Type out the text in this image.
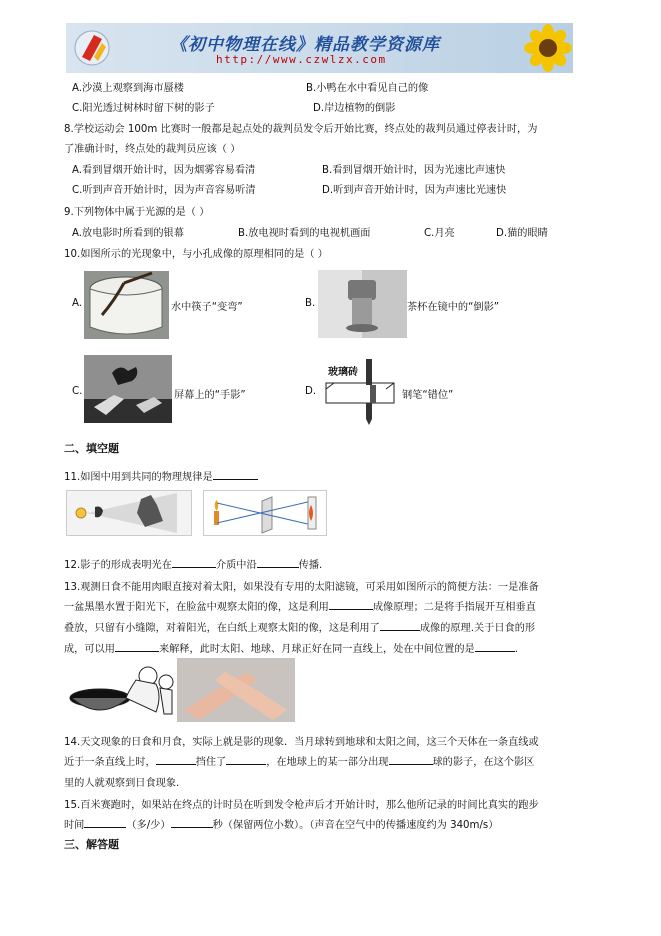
《初中物理在线》精品教学资源库
http://www.czwlzx.com
A.沙漠上观察到海市蜃楼	B.小鸭在水中看见自己的像
C.阳光透过树林时留下树的影子	D.岸边植物的倒影
8.学校运动会 100m 比赛时一般都是起点处的裁判员发令后开始比赛，终点处的裁判员通过停表计时，为
了准确计时，终点处的裁判员应该（ ）
A.看到冒烟开始计时，因为烟雾容易看清	B.看到冒烟开始计时，因为光速比声速快
C.听到声音开始计时，因为声音容易听清	D.听到声音开始计时，因为声速比光速快
9.下列物体中属于光源的是（ ）
A.放电影时所看到的银幕	B.放电视时看到的电视机画面	C.月亮	D.猫的眼睛
10.如图所示的光现象中，与小孔成像的原理相同的是（ ）
A.	水中筷子“变弯”	B.	茶杯在镜中的“倒影”
C.	屏幕上的“手影”	D.
玻璃砖
钢笔“错位”
二、填空题
11.如图中用到共同的物理规律是
12.影子的形成表明光在	介质中沿	传播.
13.观测日食不能用肉眼直接对着太阳，如果没有专用的太阳滤镜，可采用如图所示的简便方法：一是准备
一盆黑墨水置于阳光下，在脸盆中观察太阳的像，这是利用	成像原理；二是将手指展开互相垂直
叠放，只留有小缝隙，对着阳光，在白纸上观察太阳的像，这是利用了	成像的原理.关于日食的形
成，可以用	来解释，此时太阳、地球、月球正好在同一直线上，处在中间位置的是	.
14.天文现象的日食和月食，实际上就是影的现象．当月球转到地球和太阳之间，这三个天体在一条直线或
近于一条直线上时，	挡住了	，在地球上的某一部分出现	球的影子，在这个影区
里的人就观察到日食现象.
15.百米赛跑时，如果站在终点的计时员在听到发令枪声后才开始计时，那么他所记录的时间比真实的跑步
时间	（多/少）	秒（保留两位小数）。（声音在空气中的传播速度约为 340m/s）
三、解答题
